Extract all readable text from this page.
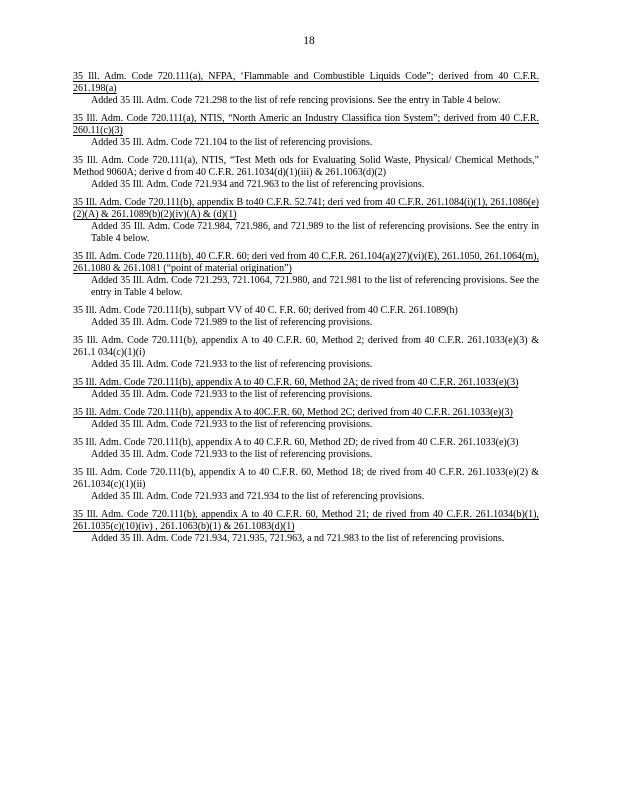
18
35 Ill. Adm. Code 720.111(a), NFPA, ‘Flammable and Combustible Liquids Code”; derived from 40 C.F.R. 261.198(a)
Added 35 Ill. Adm. Code 721.298 to the list of refe rencing provisions. See the entry in Table 4 below.
35 Ill. Adm. Code 720.111(a), NTIS, “North Americ an Industry Classifica tion System”; derived from 40 C.F.R. 260.11(c)(3)
Added 35 Ill. Adm. Code 721.104 to the list of referencing provisions.
35 Ill. Adm. Code 720.111(a), NTIS, “Test Meth ods for Evaluating Solid Waste, Physical/ Chemical Methods,” Method 9060A; derive d from 40 C.F.R. 261.1034(d)(1)(iii) & 261.1063(d)(2)
Added 35 Ill. Adm. Code 721.934 and 721.963 to the list of referencing provisions.
35 Ill. Adm. Code 720.111(b), appendix B to40 C.F.R. 52.741; deri ved from 40 C.F.R. 261.1084(i)(1), 261.1086(e)(2)(A) & 261.1089(b)(2)(iv)(A) & (d)(1)
Added 35 Ill. Adm. Code 721.984, 721.986, and 721.989 to the list of referencing provisions. See the entry in Table 4 below.
35 Ill. Adm. Code 720.111(b), 40 C.F.R. 60; deri ved from 40 C.F.R. 261.104(a)(27)(vi)(E), 261.1050, 261.1064(m), 261.1080 & 261.1081 (“point of material origination”)
Added 35 Ill. Adm. Code 721.293, 721.1064, 721.980, and 721.981 to the list of referencing provisions. See the entry in Table 4 below.
35 Ill. Adm. Code 720.111(b), subpart VV of 40 C. F.R. 60; derived from 40 C.F.R. 261.1089(h)
Added 35 Ill. Adm. Code 721.989 to the list of referencing provisions.
35 Ill. Adm. Code 720.111(b), appendix A to 40 C.F.R. 60, Method 2; derived from 40 C.F.R. 261.1033(e)(3) & 261.1 034(c)(1)(i)
Added 35 Ill. Adm. Code 721.933 to the list of referencing provisions.
35 Ill. Adm. Code 720.111(b), appendix A to 40 C.F.R. 60, Method 2A; de rived from 40 C.F.R. 261.1033(e)(3)
Added 35 Ill. Adm. Code 721.933 to the list of referencing provisions.
35 Ill. Adm. Code 720.111(b), appendix A to 40C.F.R. 60, Method 2C; derived from 40 C.F.R. 261.1033(e)(3)
Added 35 Ill. Adm. Code 721.933 to the list of referencing provisions.
35 Ill. Adm. Code 720.111(b), appendix A to 40 C.F.R. 60, Method 2D; de rived from 40 C.F.R. 261.1033(e)(3)
Added 35 Ill. Adm. Code 721.933 to the list of referencing provisions.
35 Ill. Adm. Code 720.111(b), appendix A to 40 C.F.R. 60, Method 18; de rived from 40 C.F.R. 261.1033(e)(2) & 261.1034(c)(1)(ii)
Added 35 Ill. Adm. Code 721.933 and 721.934 to the list of referencing provisions.
35 Ill. Adm. Code 720.111(b), appendix A to 40 C.F.R. 60, Method 21; de rived from 40 C.F.R. 261.1034(b)(1), 261.1035(c)(10)(iv) , 261.1063(b)(1) & 261.1083(d)(1)
Added 35 Ill. Adm. Code 721.934, 721.935, 721.963, a nd 721.983 to the list of referencing provisions.
